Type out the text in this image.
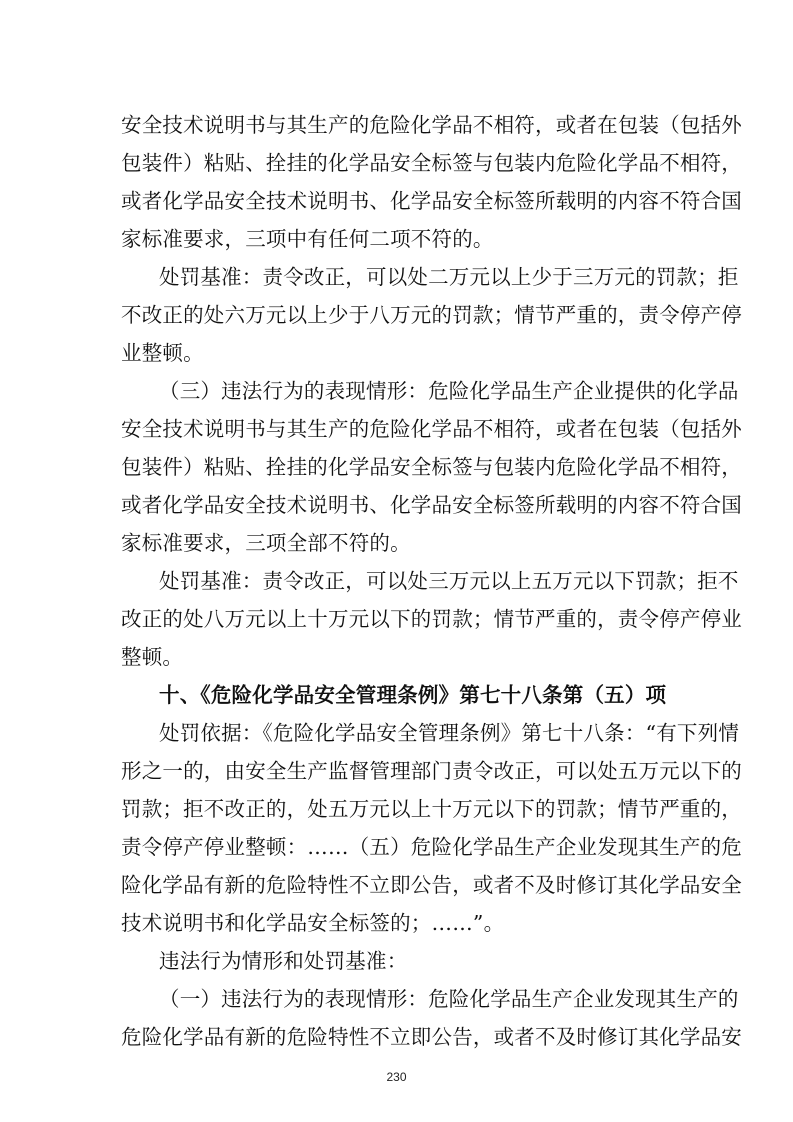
安全技术说明书与其生产的危险化学品不相符，或者在包装（包括外
包装件）粘贴、拴挂的化学品安全标签与包装内危险化学品不相符，
或者化学品安全技术说明书、化学品安全标签所载明的内容不符合国
家标准要求，三项中有任何二项不符的。
处罚基准：责令改正，可以处二万元以上少于三万元的罚款；拒
不改正的处六万元以上少于八万元的罚款；情节严重的，责令停产停
业整顿。
（三）违法行为的表现情形：危险化学品生产企业提供的化学品
安全技术说明书与其生产的危险化学品不相符，或者在包装（包括外
包装件）粘贴、拴挂的化学品安全标签与包装内危险化学品不相符，
或者化学品安全技术说明书、化学品安全标签所载明的内容不符合国
家标准要求，三项全部不符的。
处罚基准：责令改正，可以处三万元以上五万元以下罚款；拒不
改正的处八万元以上十万元以下的罚款；情节严重的，责令停产停业
整顿。
十、《危险化学品安全管理条例》第七十八条第（五）项
处罚依据：《危险化学品安全管理条例》第七十八条：“有下列情
形之一的，由安全生产监督管理部门责令改正，可以处五万元以下的
罚款；拒不改正的，处五万元以上十万元以下的罚款；情节严重的，
责令停产停业整顿：……（五）危险化学品生产企业发现其生产的危
险化学品有新的危险特性不立即公告，或者不及时修订其化学品安全
技术说明书和化学品安全标签的；……”。
违法行为情形和处罚基准：
（一）违法行为的表现情形：危险化学品生产企业发现其生产的
危险化学品有新的危险特性不立即公告，或者不及时修订其化学品安
230
